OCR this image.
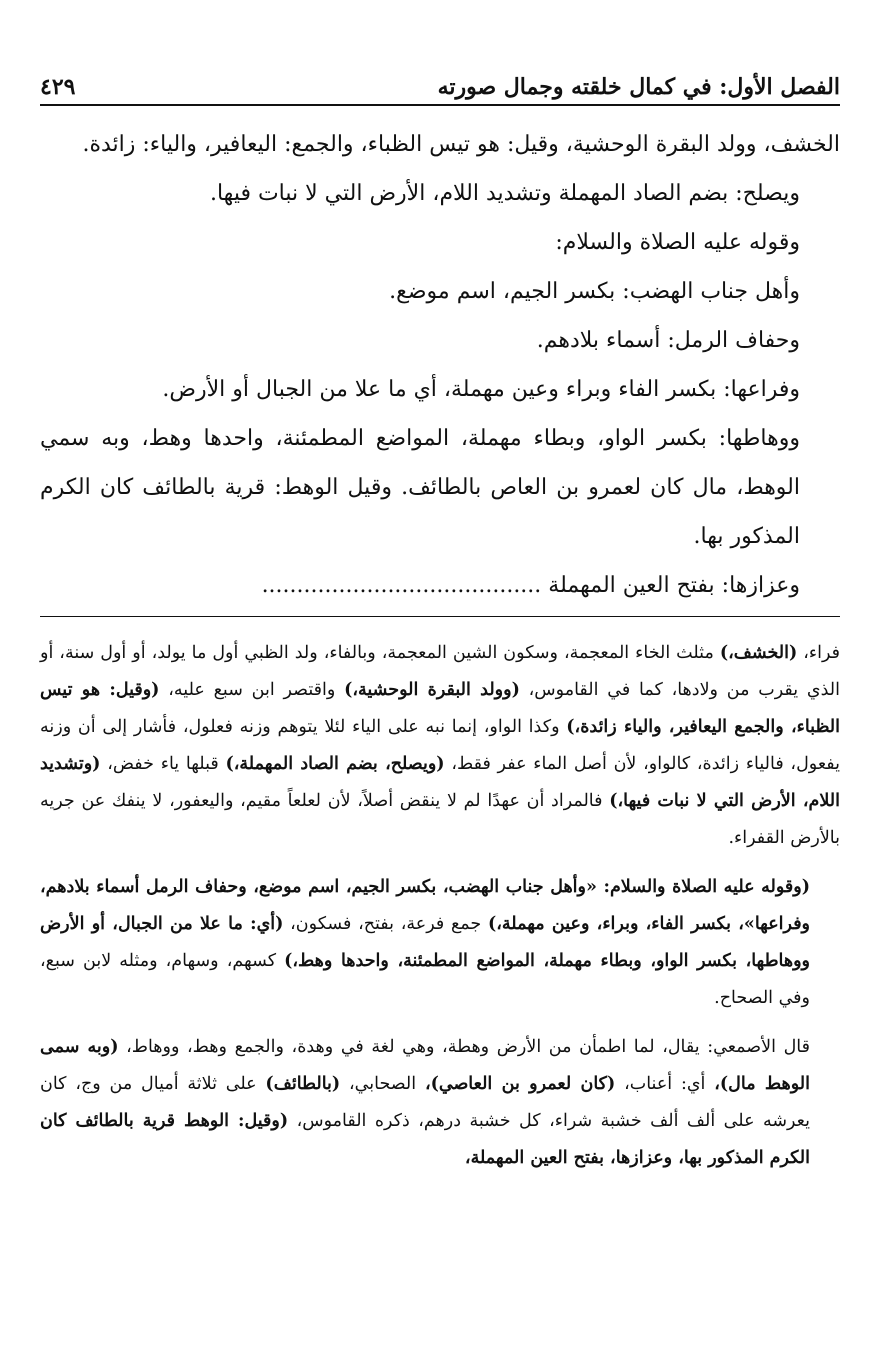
الفصل الأول: في كمال خلقته وجمال صورته
٤٢٩

الخشف، وولد البقرة الوحشية، وقيل: هو تيس الظباء، والجمع: اليعافير، والياء: زائدة.

ويصلح: بضم الصاد المهملة وتشديد اللام، الأرض التي لا نبات فيها.

وقوله عليه الصلاة والسلام:

وأهل جناب الهضب: بكسر الجيم، اسم موضع.

وحفاف الرمل: أسماء بلادهم.

وفراعها: بكسر الفاء وبراء وعين مهملة، أي ما علا من الجبال أو الأرض.

ووهاطها: بكسر الواو، وبطاء مهملة، المواضع المطمئنة، واحدها وهط، وبه سمي الوهط، مال كان لعمرو بن العاص بالطائف. وقيل الوهط: قرية بالطائف كان الكرم المذكور بها.

وعزازها: بفتح العين المهملة ........................................

فراء، (الخشف،) مثلث الخاء المعجمة، وسكون الشين المعجمة، وبالفاء، ولد الظبي أول ما يولد، أو أول سنة، أو الذي يقرب من ولادها، كما في القاموس، (وولد البقرة الوحشية،) واقتصر ابن سبع عليه، (وقيل: هو تيس الظباء، والجمع اليعافير، والياء زائدة،) وكذا الواو، إنما نبه على الياء لئلا يتوهم وزنه فعلول، فأشار إلى أن وزنه يفعول، فالياء زائدة، كالواو، لأن أصل الماء عفر فقط، (ويصلح، بضم الصاد المهملة،) قبلها ياء خفض، (وتشديد اللام، الأرض التي لا نبات فيها،) فالمراد أن عهدًا لم لا ينقض أصلاً، لأن لعلعاً مقيم، واليعفور، لا ينفك عن جريه بالأرض القفراء.

(وقوله عليه الصلاة والسلام: «وأهل جناب الهضب، بكسر الجيم، اسم موضع، وحفاف الرمل أسماء بلادهم، وفراعها»، بكسر الفاء، وبراء، وعين مهملة،) جمع فرعة، بفتح، فسكون، (أي: ما علا من الجبال، أو الأرض ووهاطها، بكسر الواو، وبطاء مهملة، المواضع المطمئنة، واحدها وهط،) كسهم، وسهام، ومثله لابن سبع، وفي الصحاح.

قال الأصمعي: يقال، لما اطمأن من الأرض وهطة، وهي لغة في وهدة، والجمع وهط، ووهاط، (وبه سمى الوهط مال)، أي: أعناب، (كان لعمرو بن العاصي)، الصحابي، (بالطائف) على ثلاثة أميال من وج، كان يعرشه على ألف ألف خشبة شراء، كل خشبة درهم، ذكره القاموس، (وقيل: الوهط قرية بالطائف كان الكرم المذكور بها، وعزازها، بفتح العين المهملة،
